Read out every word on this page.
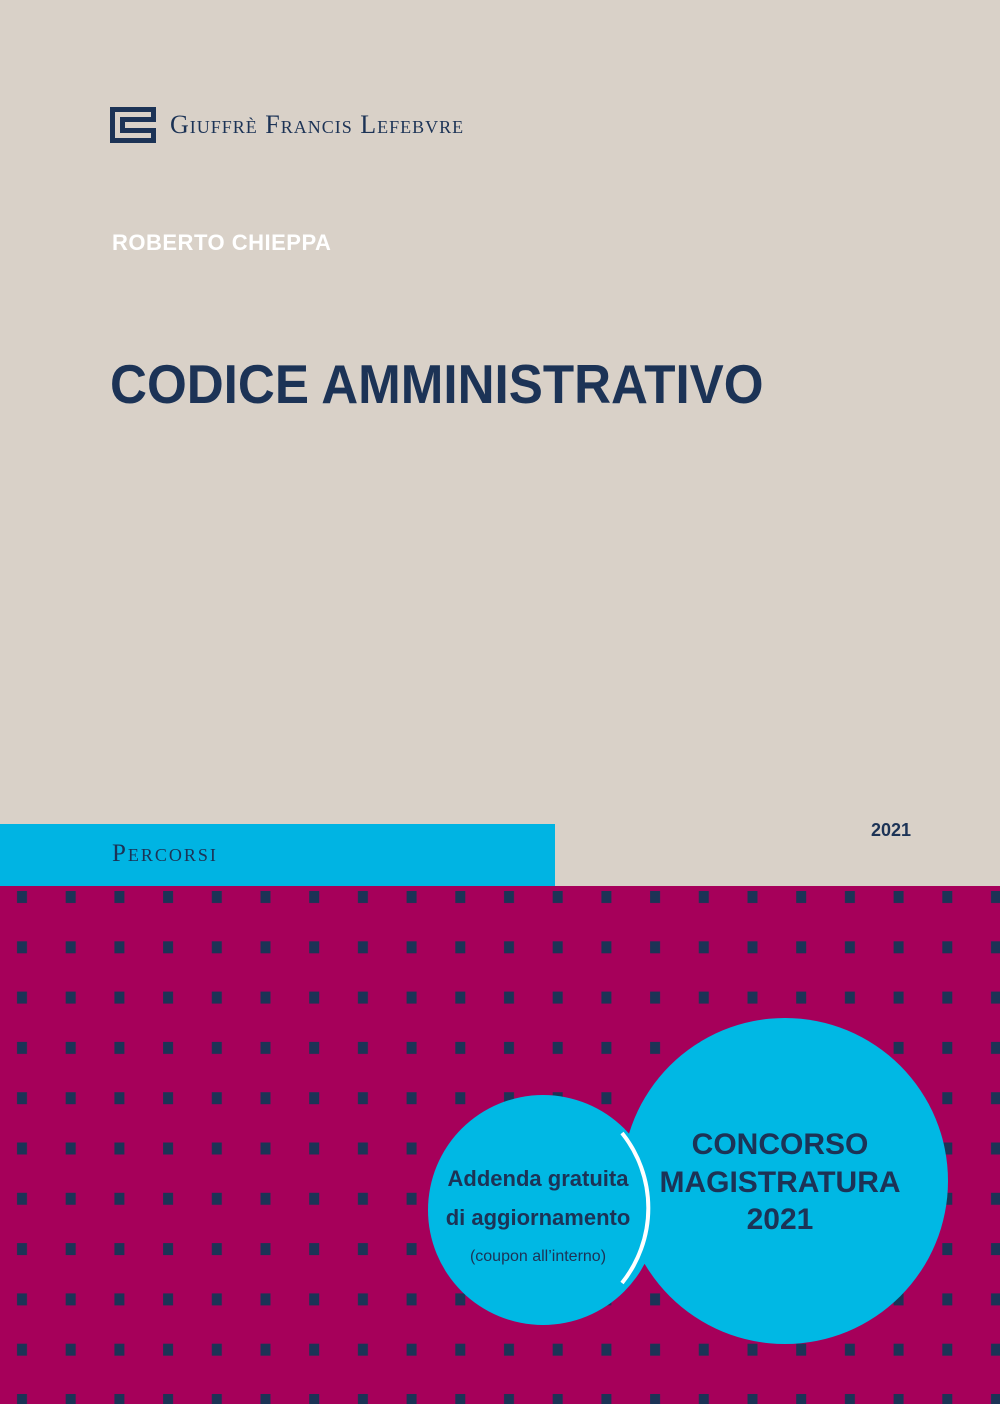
Giuffrè Francis Lefebvre
ROBERTO CHIEPPA
CODICE AMMINISTRATIVO
Percorsi
2021
Addenda gratuita
di aggiornamento
(coupon all’interno)
CONCORSO
MAGISTRATURA
2021
